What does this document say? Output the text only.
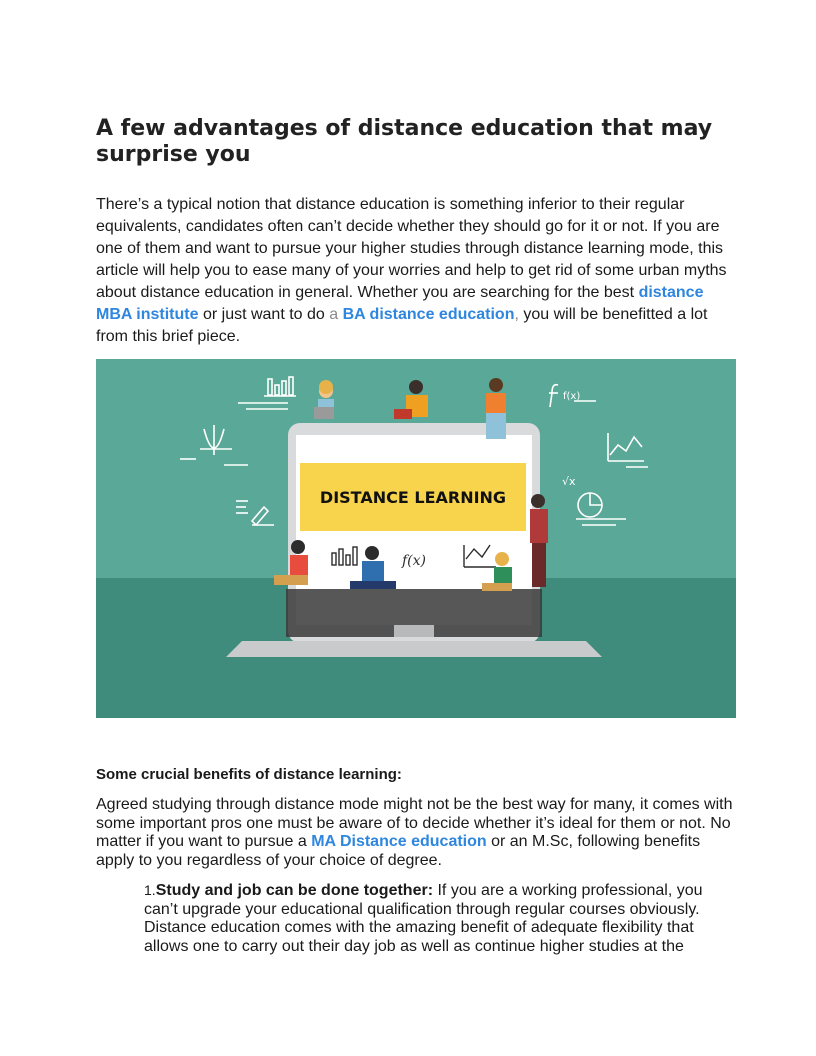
A few advantages of distance education that may surprise you

There’s a typical notion that distance education is something inferior to their regular equivalents, candidates often can’t decide whether they should go for it or not. If you are one of them and want to pursue your higher studies through distance learning mode, this article will help you to ease many of your worries and help to get rid of some urban myths about distance education in general. Whether you are searching for the best distance MBA institute or just want to do a BA distance education, you will be benefitted a lot from this brief piece.

f(x)
√x
DISTANCE LEARNING
f(x)

Some crucial benefits of distance learning:

Agreed studying through distance mode might not be the best way for many, it comes with some important pros one must be aware of to decide whether it’s ideal for them or not. No matter if you want to pursue a MA Distance education or an M.Sc, following benefits apply to you regardless of your choice of degree.

1.Study and job can be done together: If you are a working professional, you can’t upgrade your educational qualification through regular courses obviously. Distance education comes with the amazing benefit of adequate flexibility that allows one to carry out their day job as well as continue higher studies at the
